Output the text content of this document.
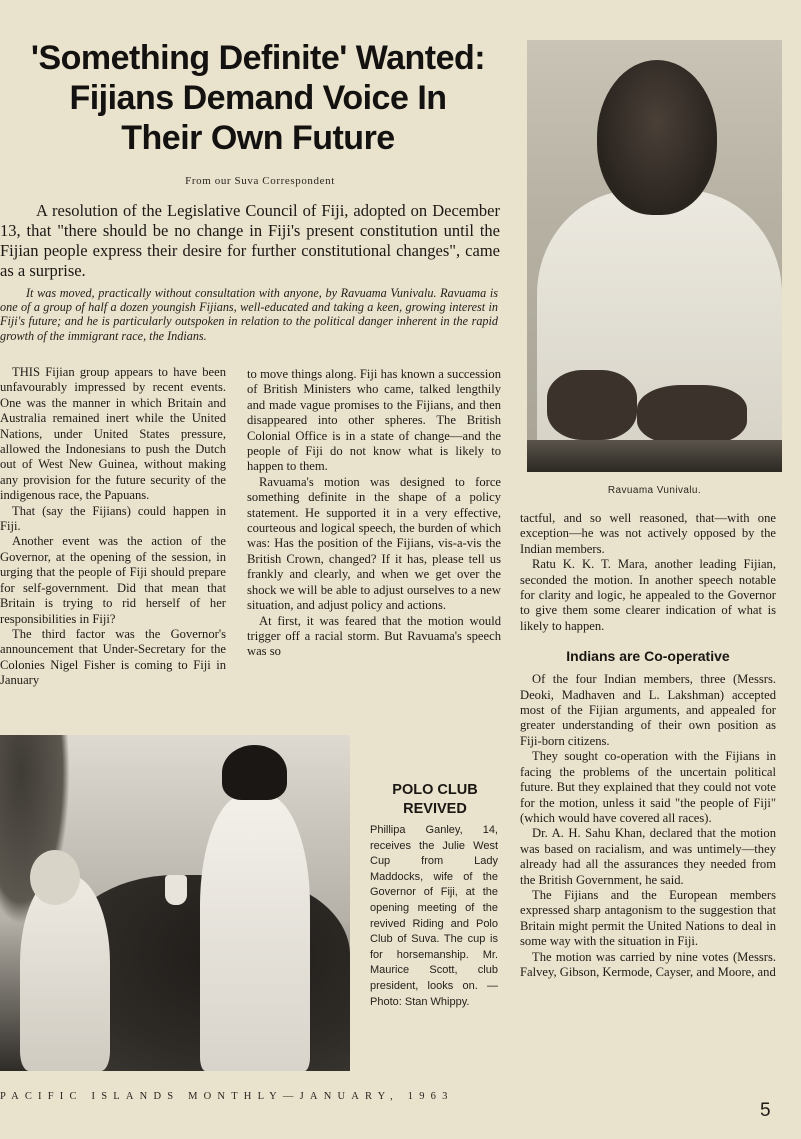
'Something Definite' Wanted:
Fijians Demand Voice In
Their Own Future
From our Suva Correspondent

A resolution of the Legislative Council of Fiji, adopted on December 13, that "there should be no change in Fiji's present constitution until the Fijian people express their desire for further constitutional changes", came as a surprise.

It was moved, practically without consultation with anyone, by Ravuama Vunivalu. Ravuama is one of a group of half a dozen youngish Fijians, well-educated and taking a keen, growing interest in Fiji's future; and he is particularly outspoken in relation to the political danger inherent in the rapid growth of the immigrant race, the Indians.

THIS Fijian group appears to have been unfavourably impressed by recent events. One was the manner in which Britain and Australia remained inert while the United Nations, under United States pressure, allowed the Indonesians to push the Dutch out of West New Guinea, without making any provision for the future security of the indigenous race, the Papuans.

That (say the Fijians) could happen in Fiji.

Another event was the action of the Governor, at the opening of the session, in urging that the people of Fiji should prepare for self-government. Did that mean that Britain is trying to rid herself of her responsibilities in Fiji?

The third factor was the Governor's announcement that Under-Secretary for the Colonies Nigel Fisher is coming to Fiji in January

to move things along. Fiji has known a succession of British Ministers who came, talked lengthily and made vague promises to the Fijians, and then disappeared into other spheres. The British Colonial Office is in a state of change—and the people of Fiji do not know what is likely to happen to them.

Ravuama's motion was designed to force something definite in the shape of a policy statement. He supported it in a very effective, courteous and logical speech, the burden of which was: Has the position of the Fijians, vis-a-vis the British Crown, changed? If it has, please tell us frankly and clearly, and when we get over the shock we will be able to adjust ourselves to a new situation, and adjust policy and actions.

At first, it was feared that the motion would trigger off a racial storm. But Ravuama's speech was so

Ravuama Vunivalu.

tactful, and so well reasoned, that—with one exception—he was not actively opposed by the Indian members.

Ratu K. K. T. Mara, another leading Fijian, seconded the motion. In another speech notable for clarity and logic, he appealed to the Governor to give them some clearer indication of what is likely to happen.

Indians are Co-operative

Of the four Indian members, three (Messrs. Deoki, Madhaven and L. Lakshman) accepted most of the Fijian arguments, and appealed for greater understanding of their own position as Fiji-born citizens.

They sought co-operation with the Fijians in facing the problems of the uncertain political future. But they explained that they could not vote for the motion, unless it said "the people of Fiji" (which would have covered all races).

Dr. A. H. Sahu Khan, declared that the motion was based on racialism, and was untimely—they already had all the assurances they needed from the British Government, he said.

The Fijians and the European members expressed sharp antagonism to the suggestion that Britain might permit the United Nations to deal in some way with the situation in Fiji.

The motion was carried by nine votes (Messrs. Falvey, Gibson, Kermode, Cayser, and Moore, and

POLO CLUB
REVIVED
Phillipa Ganley, 14, receives the Julie West Cup from Lady Maddocks, wife of the Governor of Fiji, at the opening meeting of the revived Riding and Polo Club of Suva. The cup is for horsemanship. Mr. Maurice Scott, club president, looks on. — Photo: Stan Whippy.
PACIFIC ISLANDS MONTHLY—JANUARY, 1963
5
